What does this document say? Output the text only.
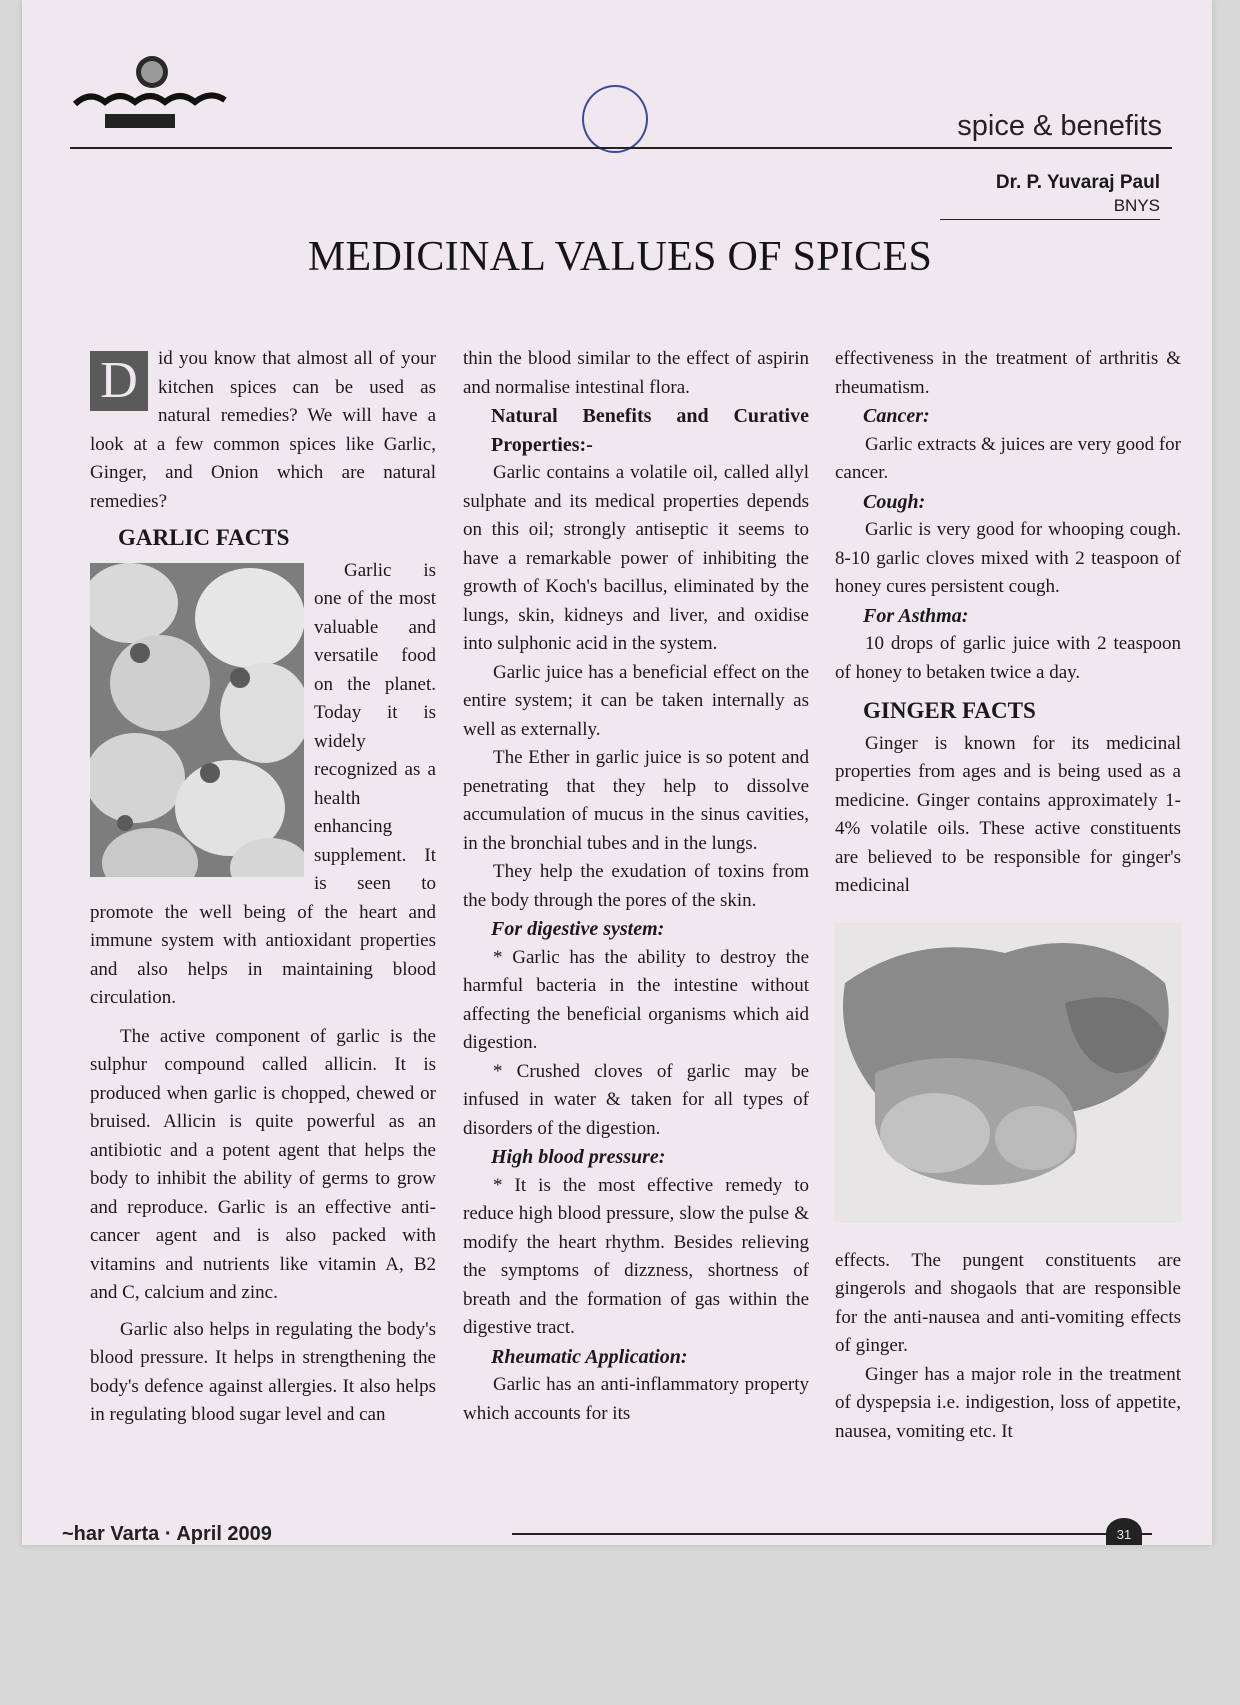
spice & benefits
Dr. P. Yuvaraj Paul
BNYS
D	id you know that almost all of your kitchen spices can be used as natural remedies? We will have a look at a few common spices like Garlic, Ginger, and Onion which are natural remedies?

GARLIC FACTS

Garlic is one of the most valuable and versatile food on the planet. Today it is widely recognized as a health enhancing supplement. It is seen to promote the well being of the heart and immune system with antioxidant properties and also helps in maintaining blood circulation.

The active component of garlic is the sulphur compound called allicin. It is produced when garlic is chopped, chewed or bruised. Allicin is quite powerful as an antibiotic and a potent agent that helps the body to inhibit the ability of germs to grow and reproduce. Garlic is an effective anti-cancer agent and is also packed with vitamins and nutrients like vitamin A, B2 and C, calcium and zinc.

Garlic also helps in regulating the body's blood pressure. It helps in strengthening the body's defence against allergies. It also helps in regulating blood sugar level and can

thin the blood similar to the effect of aspirin and normalise intestinal flora.

Natural Benefits and Curative Properties:-

Garlic contains a volatile oil, called allyl sulphate and its medical properties depends on this oil; strongly antiseptic it seems to have a remarkable power of inhibiting the growth of Koch's bacillus, eliminated by the lungs, skin, kidneys and liver, and oxidise into sulphonic acid in the system.

Garlic juice has a beneficial effect on the entire system; it can be taken internally as well as externally.

The Ether in garlic juice is so potent and penetrating that they help to dissolve accumulation of mucus in the sinus cavities, in the bronchial tubes and in the lungs.

They help the exudation of toxins from the body through the pores of the skin.

For digestive system:

* Garlic has the ability to destroy the harmful bacteria in the intestine without affecting the beneficial organisms which aid digestion.

* Crushed cloves of garlic may be infused in water & taken for all types of disorders of the digestion.

High blood pressure:

* It is the most effective remedy to reduce high blood pressure, slow the pulse & modify the heart rhythm. Besides relieving the symptoms of dizzness, shortness of breath and the formation of gas within the digestive tract.

Rheumatic Application:

Garlic has an anti-inflammatory property which accounts for its

effectiveness in the treatment of arthritis & rheumatism.

Cancer:

Garlic extracts & juices are very good for cancer.

Cough:

Garlic is very good for whooping cough. 8-10 garlic cloves mixed with 2 teaspoon of honey cures persistent cough.

For Asthma:

10 drops of garlic juice with 2 teaspoon of honey to betaken twice a day.

GINGER FACTS

Ginger is known for its medicinal properties from ages and is being used as a medicine. Ginger contains approximately 1-4% volatile oils. These active constituents are believed to be responsible for ginger's medicinal

effects. The pungent constituents are gingerols and shogaols that are responsible for the anti-nausea and anti-vomiting effects of ginger.

Ginger has a major role in the treatment of dyspepsia i.e. indigestion, loss of appetite, nausea, vomiting etc. It

~har Varta · April 2009	31
MEDICINAL VALUES OF SPICES
